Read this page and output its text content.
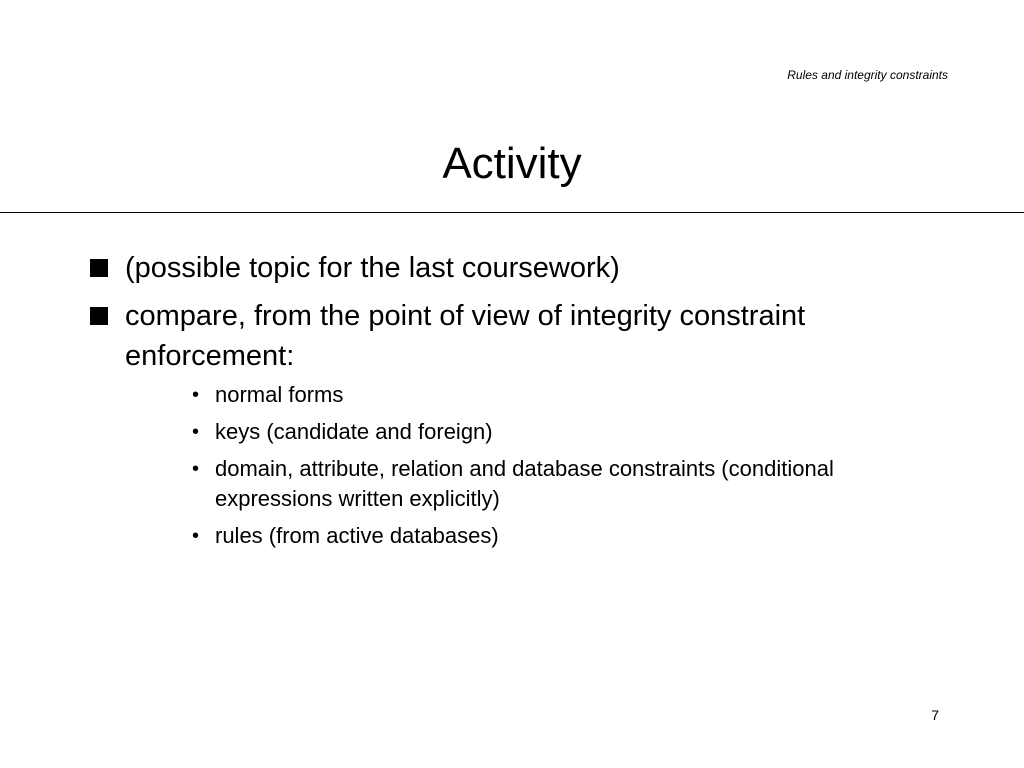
Rules and integrity constraints
Activity
(possible topic for the last coursework)
compare, from the point of view of integrity constraint enforcement:
• normal forms
• keys (candidate and foreign)
• domain, attribute, relation and database constraints (conditional expressions written explicitly)
• rules (from active databases)
7
